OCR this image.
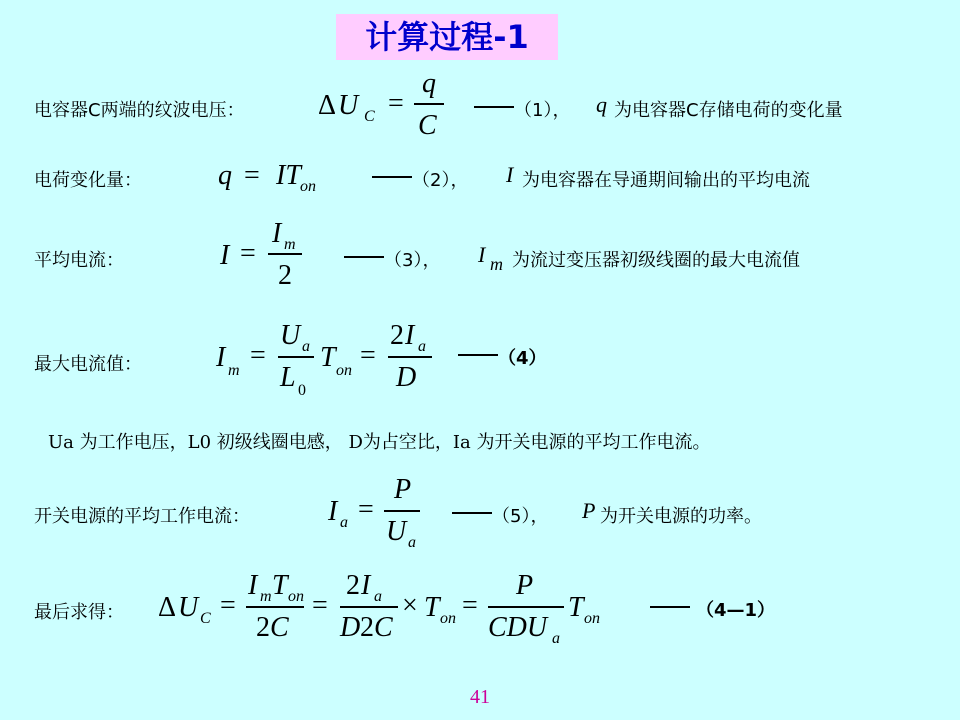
计算过程-1
电容器C两端的纹波电压：	Δ U C =
q
C	（1）， q 为电容器C存储电荷的变化量
电荷变化量：	q = IT on	（2）， I 为电容器在导通期间输出的平均电流
平均电流：	I =
I m
2	（3）， I m 为流过变压器初级线圈的最大电流值
最大电流值：	I m =
U a
L 0
T on =
2 I a
D
（4）
Ua 为工作电压，L0 初级线圈电感， D为占空比，Ia 为开关电源的平均工作电流。
开关电源的平均工作电流：	I a =
P
U a
（5）， P 为开关电源的功率。
最后求得： Δ U C =
I m T on
2 C
=
2 I a
D 2 C
× T on =
P
CDU a
T on	（4—1）
41
